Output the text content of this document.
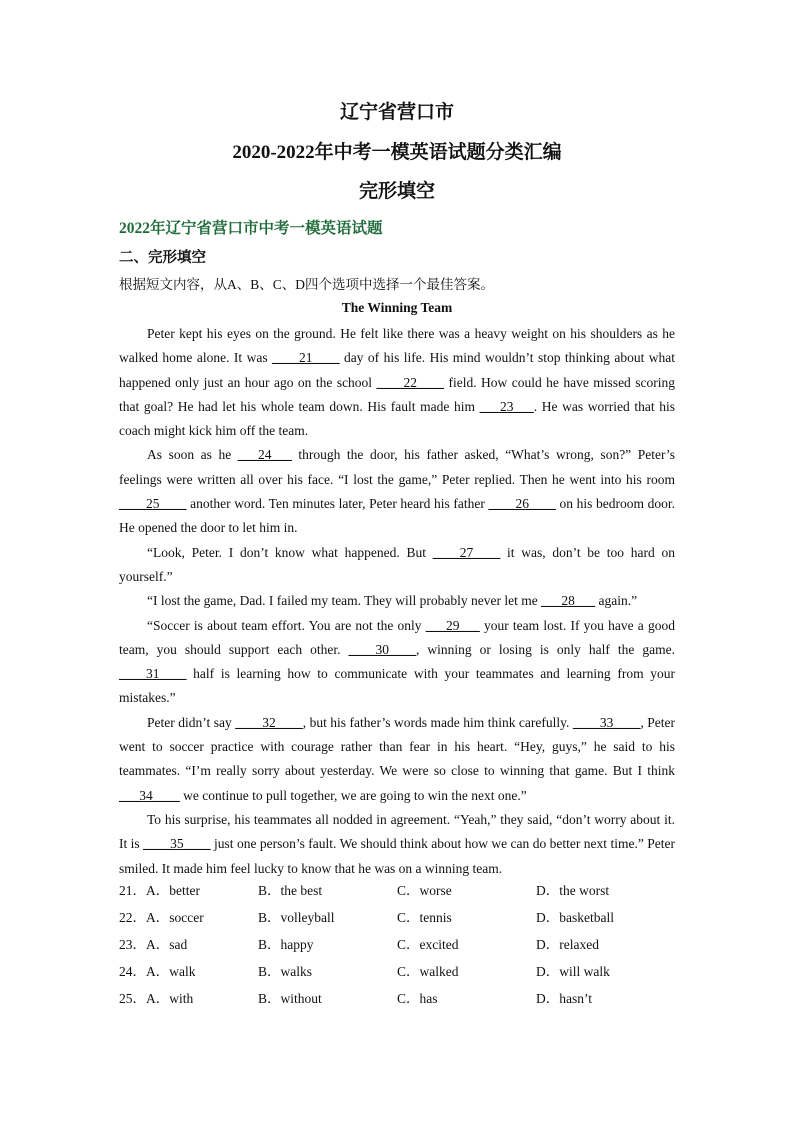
辽宁省营口市
2020-2022年中考一模英语试题分类汇编
完形填空
2022年辽宁省营口市中考一模英语试题
二、完形填空
根据短文内容，从A、B、C、D四个选项中选择一个最佳答案。
The Winning Team

Peter kept his eyes on the ground. He felt like there was a heavy weight on his shoulders as he walked home alone. It was ____21____ day of his life. His mind wouldn’t stop thinking about what happened only just an hour ago on the school ____22____ field. How could he have missed scoring that goal? He had let his whole team down. His fault made him ___23___. He was worried that his coach might kick him off the team.

As soon as he ___24___ through the door, his father asked, “What’s wrong, son?” Peter’s feelings were written all over his face. “I lost the game,” Peter replied. Then he went into his room ____25____ another word. Ten minutes later, Peter heard his father ____26____ on his bedroom door. He opened the door to let him in.

“Look, Peter. I don’t know what happened. But ____27____ it was, don’t be too hard on yourself.”

“I lost the game, Dad. I failed my team. They will probably never let me ___28___ again.”

“Soccer is about team effort. You are not the only ___29___ your team lost. If you have a good team, you should support each other. ____30____, winning or losing is only half the game. ____31____ half is learning how to communicate with your teammates and learning from your mistakes.”

Peter didn’t say ____32____, but his father’s words made him think carefully. ____33____, Peter went to soccer practice with courage rather than fear in his heart. “Hey, guys,” he said to his teammates. “I’m really sorry about yesterday. We were so close to winning that game. But I think ___34____ we continue to pull together, we are going to win the next one.”

To his surprise, his teammates all nodded in agreement. “Yeah,” they said, “don’t worry about it. It is ____35____ just one person’s fault. We should think about how we can do better next time.” Peter smiled. It made him feel lucky to know that he was on a winning team.

21．A．better	B．the best	C．worse	D．the worst
22．A．soccer	B．volleyball	C．tennis	D．basketball
23．A．sad	B．happy	C．excited	D．relaxed
24．A．walk	B．walks	C．walked	D．will walk
25．A．with	B．without	C．has	D．hasn’t
